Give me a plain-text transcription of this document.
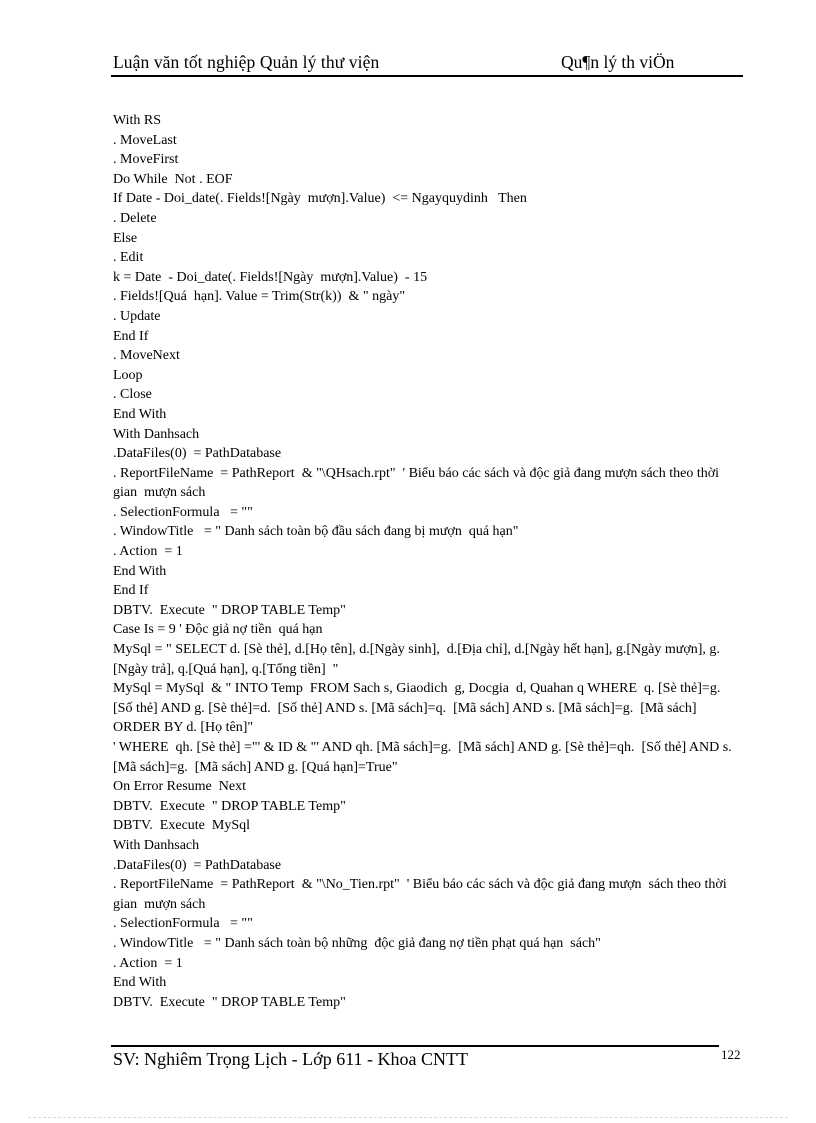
Luận văn tốt nghiệp Quản lý thư viện	Qu¶n lý th viÖn
With RS
. MoveLast
. MoveFirst
Do While  Not . EOF
If Date - Doi_date(. Fields![Ngày  mượn].Value)  <= Ngayquydinh   Then
. Delete
Else
. Edit
k = Date  - Doi_date(. Fields![Ngày  mượn].Value)  - 15
. Fields![Quá  hạn]. Value = Trim(Str(k))  & " ngày"
. Update
End If
. MoveNext
Loop
. Close
End With
With Danhsach
.DataFiles(0)  = PathDatabase
. ReportFileName  = PathReport  & "\QHsach.rpt"  ' Biểu báo các sách và độc giả đang mượn sách theo thời gian  mượn sách
. SelectionFormula   = ""
. WindowTitle   = " Danh sách toàn bộ đầu sách đang bị mượn  quá hạn"
. Action  = 1
End With
End If
DBTV.  Execute  " DROP TABLE Temp"
Case Is = 9 ' Độc giả nợ tiền  quá hạn
MySql = " SELECT d. [Sè thẻ], d.[Họ tên], d.[Ngày sinh],  d.[Địa chỉ], d.[Ngày hết hạn], g.[Ngày mượn], g.[Ngày trả], q.[Quá hạn], q.[Tổng tiền]  "
MySql = MySql  & " INTO Temp  FROM Sach s, Giaodich  g, Docgia  d, Quahan q WHERE  q. [Sè thẻ]=g. [Số thẻ] AND g. [Sè thẻ]=d.  [Số thẻ] AND s. [Mã sách]=q.  [Mã sách] AND s. [Mã sách]=g.  [Mã sách]    ORDER BY d. [Họ tên]"
' WHERE  qh. [Sè thẻ] ="' & ID & "' AND qh. [Mã sách]=g.  [Mã sách] AND g. [Sè thẻ]=qh.  [Số thẻ] AND s. [Mã sách]=g.  [Mã sách] AND g. [Quá hạn]=True"
On Error Resume  Next
DBTV.  Execute  " DROP TABLE Temp"
DBTV.  Execute  MySql
With Danhsach
.DataFiles(0)  = PathDatabase
. ReportFileName  = PathReport  & "\No_Tien.rpt"  ' Biểu báo các sách và độc giả đang mượn  sách theo thời gian  mượn sách
. SelectionFormula   = ""
. WindowTitle   = " Danh sách toàn bộ những  độc giả đang nợ tiền phạt quá hạn  sách"
. Action  = 1
End With
DBTV.  Execute  " DROP TABLE Temp"
SV: Nghiêm Trọng Lịch - Lớp 611 - Khoa CNTT	122
